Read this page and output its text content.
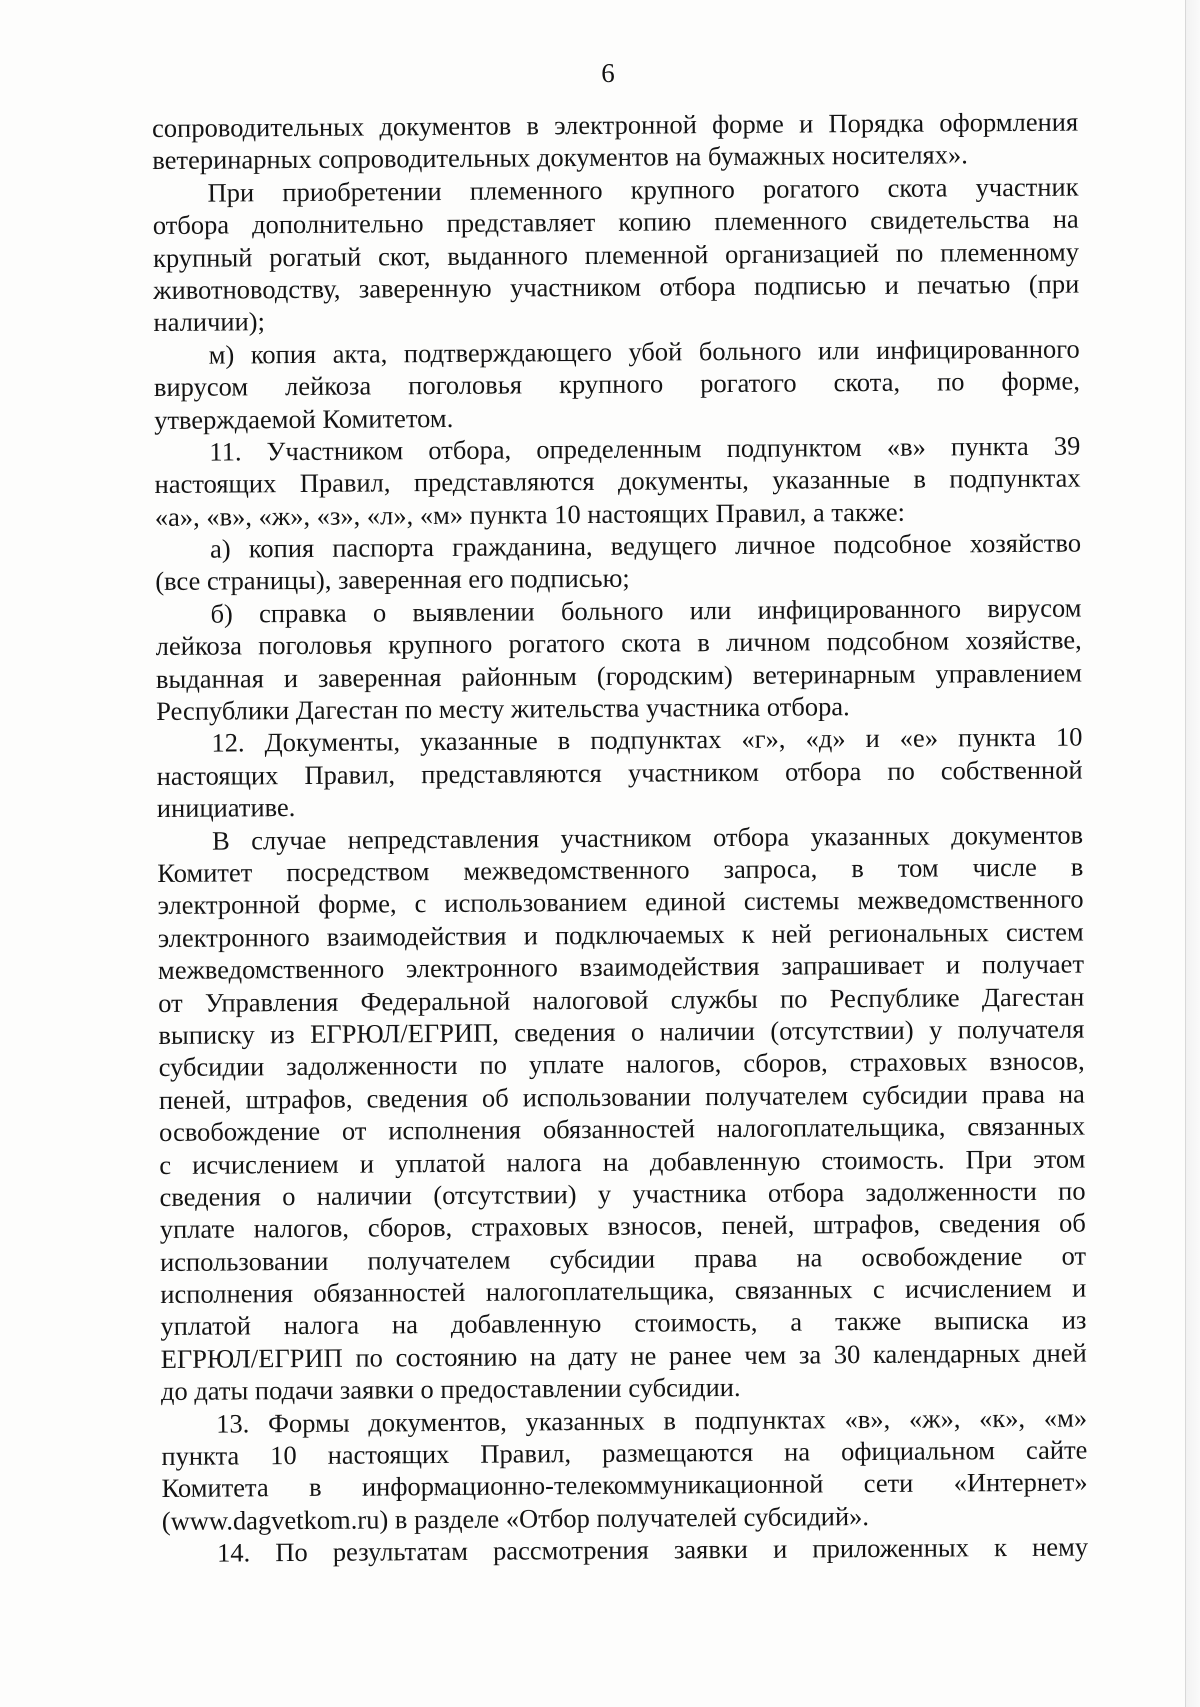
6
сопроводительных документов в электронной форме и Порядка оформления
ветеринарных сопроводительных документов на бумажных носителях».
При приобретении племенного крупного рогатого скота участник
отбора дополнительно представляет копию племенного свидетельства на
крупный рогатый скот, выданного племенной организацией по племенному
животноводству, заверенную участником отбора подписью и печатью (при
наличии);
м) копия акта, подтверждающего убой больного или инфицированного
вирусом лейкоза поголовья крупного рогатого скота, по форме,
утверждаемой Комитетом.
11. Участником отбора, определенным подпунктом «в» пункта 39
настоящих Правил, представляются документы, указанные в подпунктах
«а», «в», «ж», «з», «л», «м» пункта 10 настоящих Правил, а также:
а) копия паспорта гражданина, ведущего личное подсобное хозяйство
(все страницы), заверенная его подписью;
б) справка о выявлении больного или инфицированного вирусом
лейкоза поголовья крупного рогатого скота в личном подсобном хозяйстве,
выданная и заверенная районным (городским) ветеринарным управлением
Республики Дагестан по месту жительства участника отбора.
12. Документы, указанные в подпунктах «г», «д» и «е» пункта 10
настоящих Правил, представляются участником отбора по собственной
инициативе.
В случае непредставления участником отбора указанных документов
Комитет посредством межведомственного запроса, в том числе в
электронной форме, с использованием единой системы межведомственного
электронного взаимодействия и подключаемых к ней региональных систем
межведомственного электронного взаимодействия запрашивает и получает
от Управления Федеральной налоговой службы по Республике Дагестан
выписку из ЕГРЮЛ/ЕГРИП, сведения о наличии (отсутствии) у получателя
субсидии задолженности по уплате налогов, сборов, страховых взносов,
пеней, штрафов, сведения об использовании получателем субсидии права на
освобождение от исполнения обязанностей налогоплательщика, связанных
с исчислением и уплатой налога на добавленную стоимость. При этом
сведения о наличии (отсутствии) у участника отбора задолженности по
уплате налогов, сборов, страховых взносов, пеней, штрафов, сведения об
использовании получателем субсидии права на освобождение от
исполнения обязанностей налогоплательщика, связанных с исчислением и
уплатой налога на добавленную стоимость, а также выписка из
ЕГРЮЛ/ЕГРИП по состоянию на дату не ранее чем за 30 календарных дней
до даты подачи заявки о предоставлении субсидии.
13. Формы документов, указанных в подпунктах «в», «ж», «к», «м»
пункта 10 настоящих Правил, размещаются на официальном сайте
Комитета в информационно-телекоммуникационной сети «Интернет»
(www.dagvetkom.ru) в разделе «Отбор получателей субсидий».
14. По результатам рассмотрения заявки и приложенных к нему
